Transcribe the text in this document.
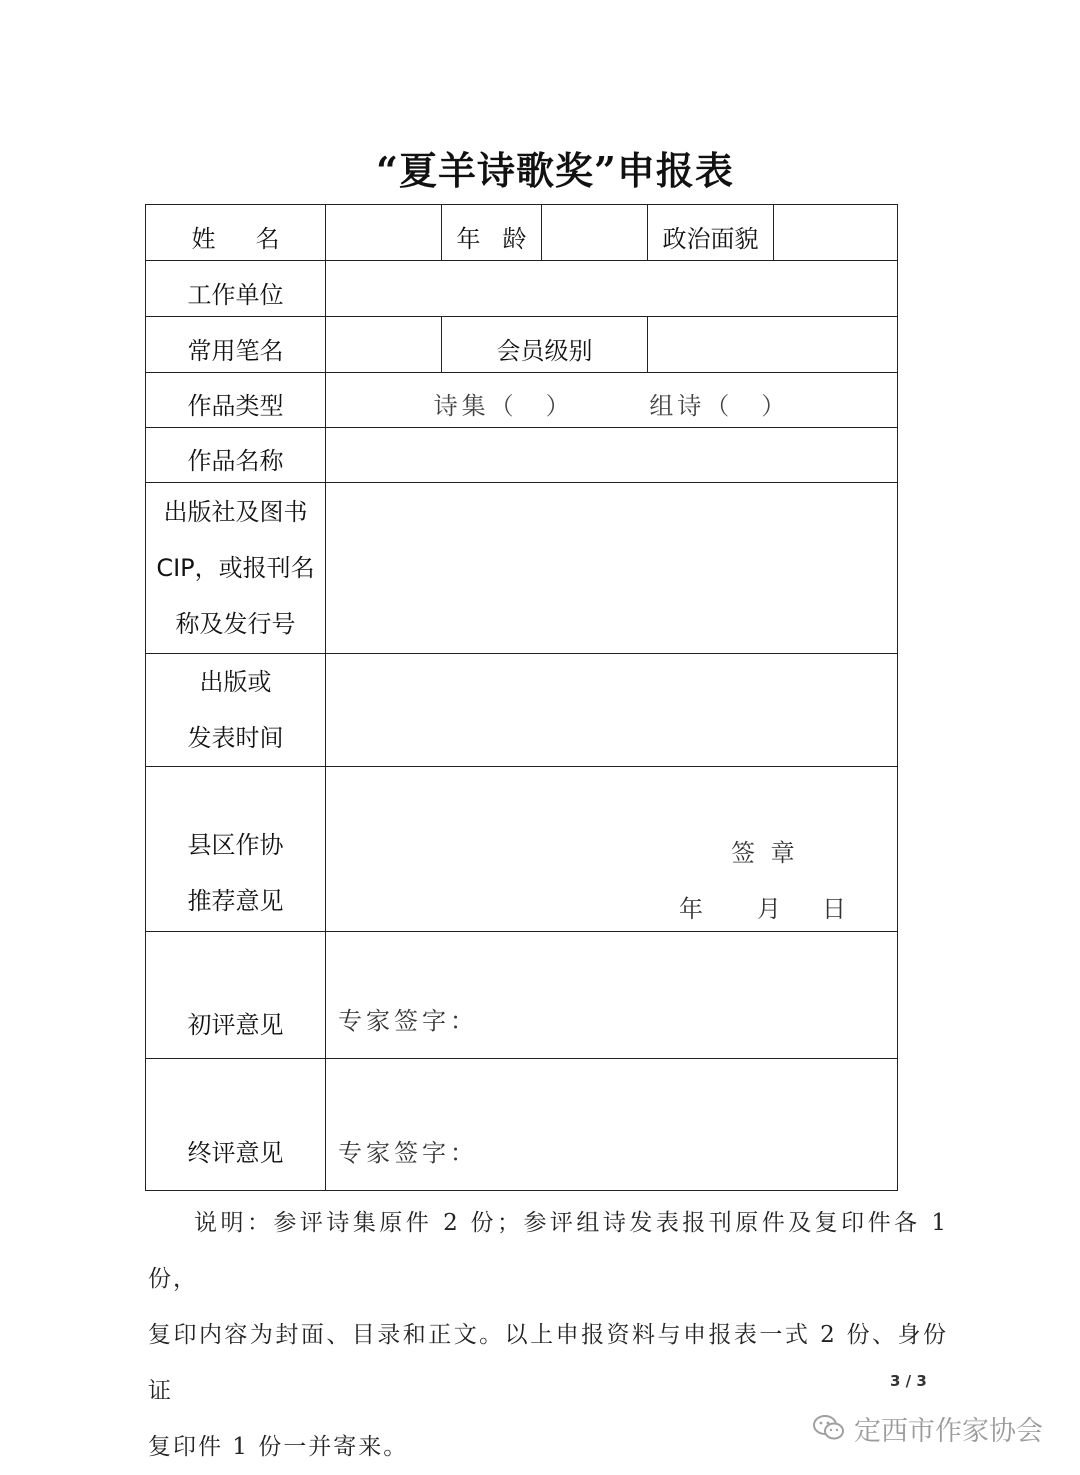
“夏羊诗歌奖”申报表
姓 名		年 龄		政治面貌	
工作单位					
常用笔名		会员级别			
作品类型	诗集（　） 组诗（　）				
作品名称					

出版社及图书
CIP，或报刊名
称及发行号					

出版或
发表时间					

县区作协
推荐意见	签 章
年 月 日				

初评意见	专家签字：				

终评意见	专家签字：				

说明：参评诗集原件 2 份；参评组诗发表报刊原件及复印件各 1 份，

复印内容为封面、目录和正文。以上申报资料与申报表一式 2 份、身份证

复印件 1 份一并寄来。

3 / 3
定西市作家协会
